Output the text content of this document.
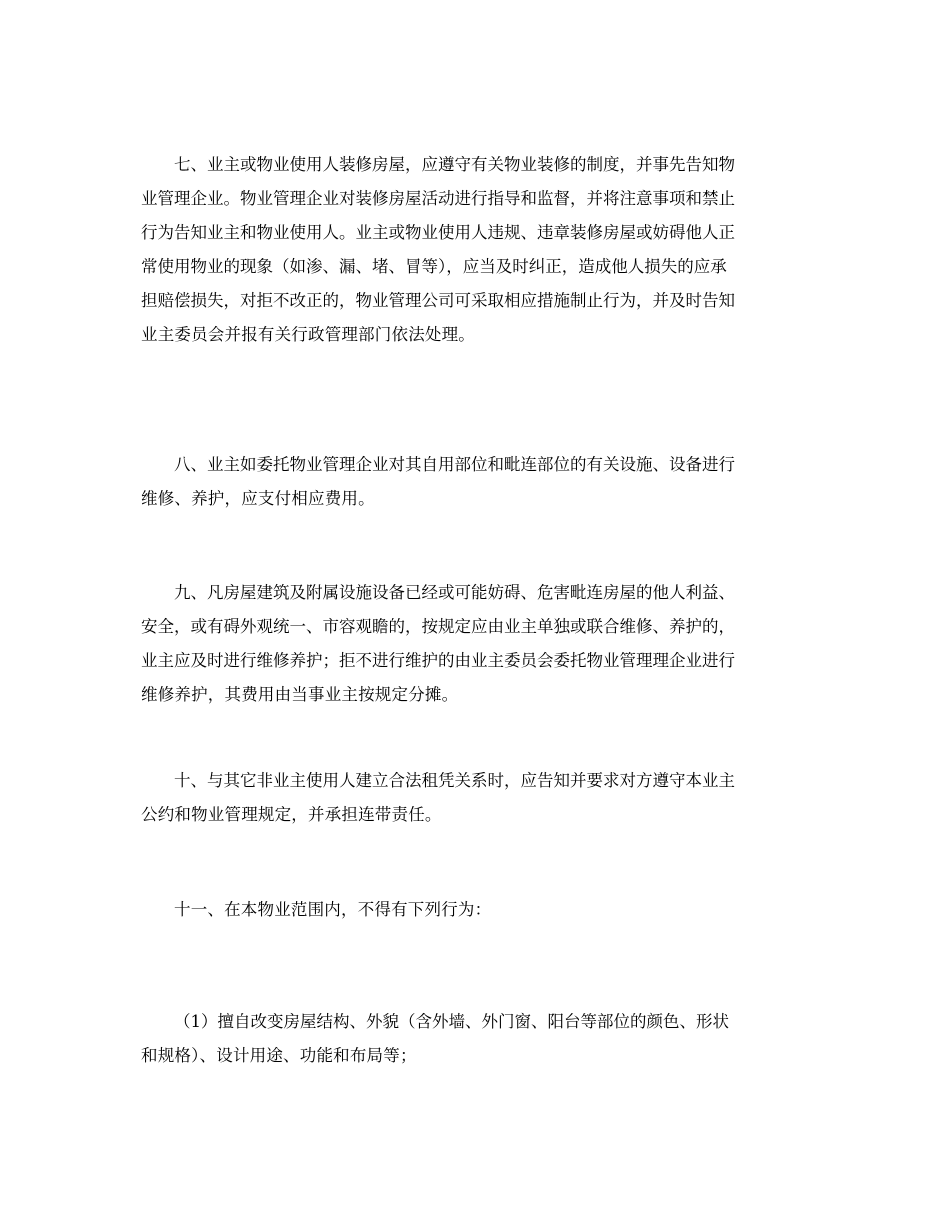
七、业主或物业使用人装修房屋，应遵守有关物业装修的制度，并事先告知物
业管理企业。物业管理企业对装修房屋活动进行指导和监督，并将注意事项和禁止
行为告知业主和物业使用人。业主或物业使用人违规、违章装修房屋或妨碍他人正
常使用物业的现象（如渗、漏、堵、冒等），应当及时纠正，造成他人损失的应承
担赔偿损失，对拒不改正的，物业管理公司可采取相应措施制止行为，并及时告知
业主委员会并报有关行政管理部门依法处理。
八、业主如委托物业管理企业对其自用部位和毗连部位的有关设施、设备进行
维修、养护，应支付相应费用。
九、凡房屋建筑及附属设施设备已经或可能妨碍、危害毗连房屋的他人利益、
安全，或有碍外观统一、市容观瞻的，按规定应由业主单独或联合维修、养护的，
业主应及时进行维修养护；拒不进行维护的由业主委员会委托物业管理理企业进行
维修养护，其费用由当事业主按规定分摊。
十、与其它非业主使用人建立合法租凭关系时，应告知并要求对方遵守本业主
公约和物业管理规定，并承担连带责任。
十一、在本物业范围内，不得有下列行为：
（1）擅自改变房屋结构、外貌（含外墙、外门窗、阳台等部位的颜色、形状
和规格）、设计用途、功能和布局等；
